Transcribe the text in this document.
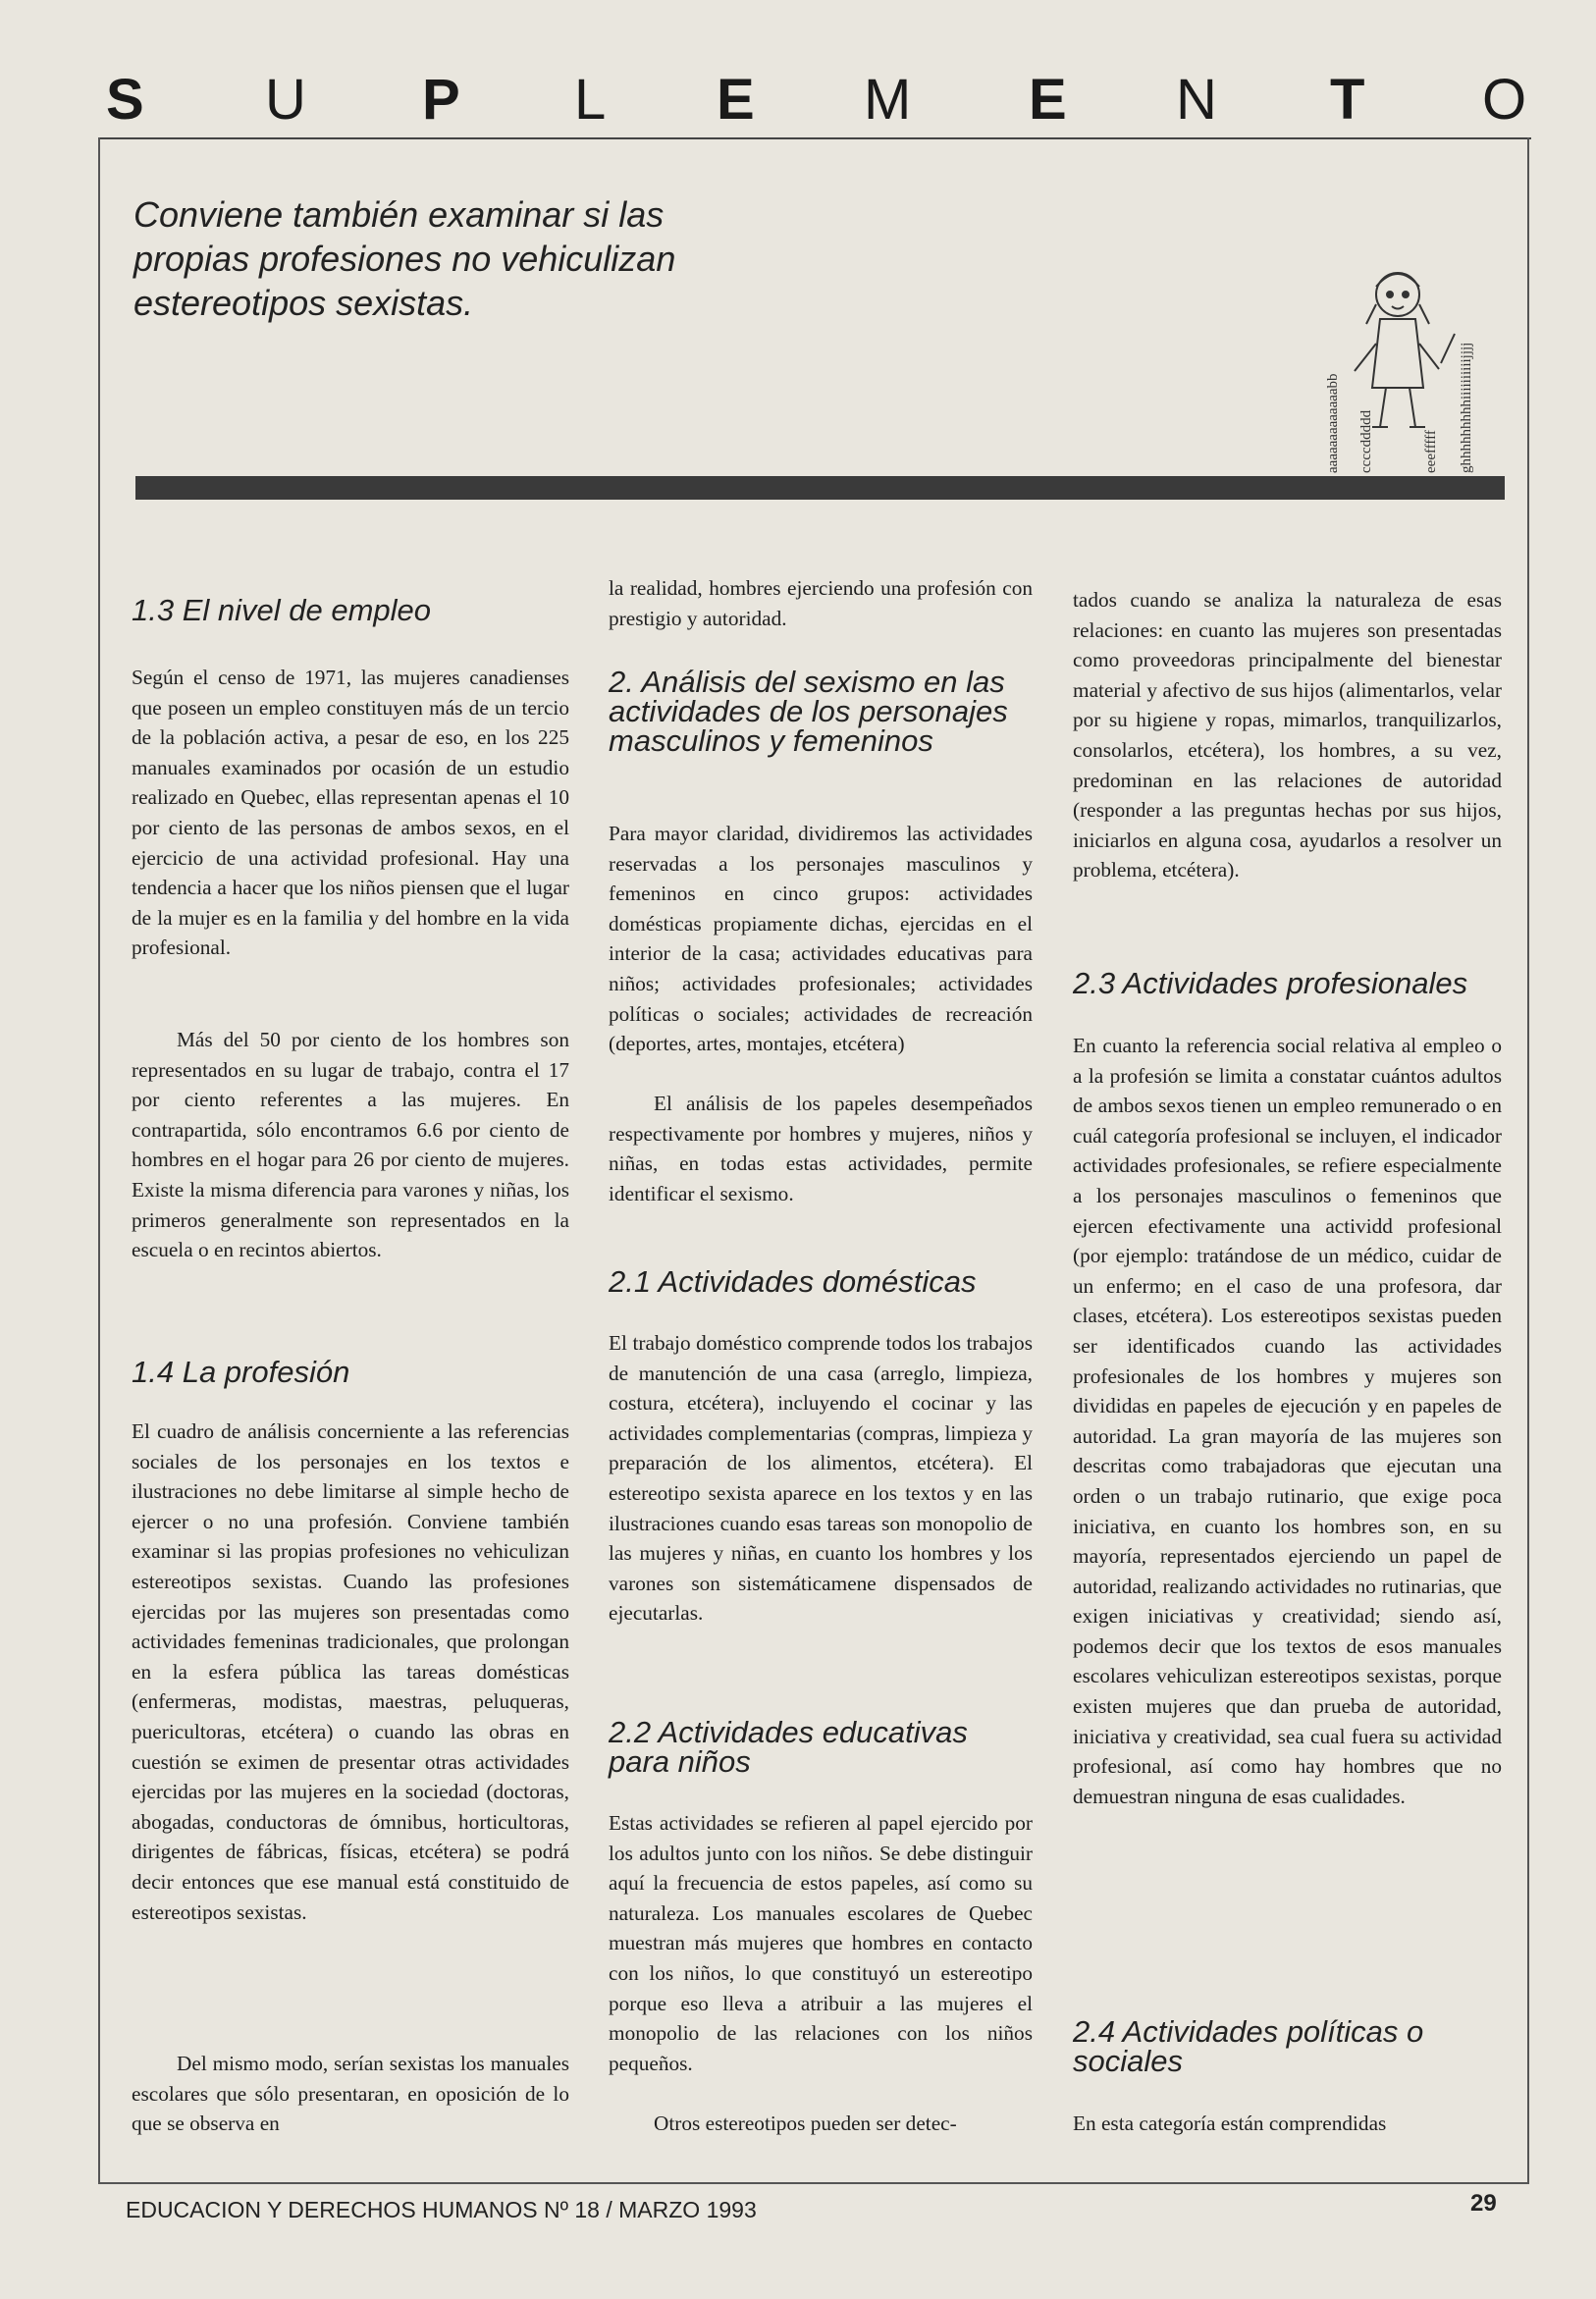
S U P L E M E N T O
Conviene también examinar si las propias profesiones no vehiculizan estereotipos sexistas.
aaaaaaaaaaaaabb ccccddddd	eeefffff ghhhhhhhhhiiiiiiiiiijjjj
1.3 El nivel de empleo

Según el censo de 1971, las mujeres canadienses que poseen un empleo constituyen más de un tercio de la población activa, a pesar de eso, en los 225 manuales examinados por ocasión de un estudio realizado en Quebec, ellas representan apenas el 10 por ciento de las personas de ambos sexos, en el ejercicio de una actividad profesional. Hay una tendencia a hacer que los niños piensen que el lugar de la mujer es en la familia y del hombre en la vida profesional.

Más del 50 por ciento de los hombres son representados en su lugar de trabajo, contra el 17 por ciento referentes a las mujeres. En contrapartida, sólo encontramos 6.6 por ciento de hombres en el hogar para 26 por ciento de mujeres. Existe la misma diferencia para varones y niñas, los primeros generalmente son representados en la escuela o en recintos abiertos.

1.4 La profesión

El cuadro de análisis concerniente a las referencias sociales de los personajes en los textos e ilustraciones no debe limitarse al simple hecho de ejercer o no una profesión. Conviene también examinar si las propias profesiones no vehiculizan estereotipos sexistas. Cuando las profesiones ejercidas por las mujeres son presentadas como actividades femeninas tradicionales, que prolongan en la esfera pública las tareas domésticas (enfermeras, modistas, maestras, peluqueras, puericultoras, etcétera) o cuando las obras en cuestión se eximen de presentar otras actividades ejercidas por las mujeres en la sociedad (doctoras, abogadas, conductoras de ómnibus, horticultoras, dirigentes de fábricas, físicas, etcétera) se podrá decir entonces que ese manual está constituido de estereotipos sexistas.

Del mismo modo, serían sexistas los manuales escolares que sólo presentaran, en oposición de lo que se observa en

la realidad, hombres ejerciendo una profesión con prestigio y autoridad.

2. Análisis del sexismo en las actividades de los personajes masculinos y femeninos

Para mayor claridad, dividiremos las actividades reservadas a los personajes masculinos y femeninos en cinco grupos: actividades domésticas propiamente dichas, ejercidas en el interior de la casa; actividades educativas para niños; actividades profesionales; actividades políticas o sociales; actividades de recreación (deportes, artes, montajes, etcétera)

El análisis de los papeles desempeñados respectivamente por hombres y mujeres, niños y niñas, en todas estas actividades, permite identificar el sexismo.

2.1 Actividades domésticas

El trabajo doméstico comprende todos los trabajos de manutención de una casa (arreglo, limpieza, costura, etcétera), incluyendo el cocinar y las actividades complementarias (compras, limpieza y preparación de los alimentos, etcétera). El estereotipo sexista aparece en los textos y en las ilustraciones cuando esas tareas son monopolio de las mujeres y niñas, en cuanto los hombres y los varones son sistemáticamene dispensados de ejecutarlas.

2.2 Actividades educativas para niños

Estas actividades se refieren al papel ejercido por los adultos junto con los niños. Se debe distinguir aquí la frecuencia de estos papeles, así como su naturaleza. Los manuales escolares de Quebec muestran más mujeres que hombres en contacto con los niños, lo que constituyó un estereotipo porque eso lleva a atribuir a las mujeres el monopolio de las relaciones con los niños pequeños.

Otros estereotipos pueden ser detec-

tados cuando se analiza la naturaleza de esas relaciones: en cuanto las mujeres son presentadas como proveedoras principalmente del bienestar material y afectivo de sus hijos (alimentarlos, velar por su higiene y ropas, mimarlos, tranquilizarlos, consolarlos, etcétera), los hombres, a su vez, predominan en las relaciones de autoridad (responder a las preguntas hechas por sus hijos, iniciarlos en alguna cosa, ayudarlos a resolver un problema, etcétera).

2.3 Actividades profesionales

En cuanto la referencia social relativa al empleo o a la profesión se limita a constatar cuántos adultos de ambos sexos tienen un empleo remunerado o en cuál categoría profesional se incluyen, el indicador actividades profesionales, se refiere especialmente a los personajes masculinos o femeninos que ejercen efectivamente una actividd profesional (por ejemplo: tratándose de un médico, cuidar de un enfermo; en el caso de una profesora, dar clases, etcétera). Los estereotipos sexistas pueden ser identificados cuando las actividades profesionales de los hombres y mujeres son divididas en papeles de ejecución y en papeles de autoridad. La gran mayoría de las mujeres son descritas como trabajadoras que ejecutan una orden o un trabajo rutinario, que exige poca iniciativa, en cuanto los hombres son, en su mayoría, representados ejerciendo un papel de autoridad, realizando actividades no rutinarias, que exigen iniciativas y creatividad; siendo así, podemos decir que los textos de esos manuales escolares vehiculizan estereotipos sexistas, porque existen mujeres que dan prueba de autoridad, iniciativa y creatividad, sea cual fuera su actividad profesional, así como hay hombres que no demuestran ninguna de esas cualidades.

2.4 Actividades políticas o sociales

En esta categoría están comprendidas

EDUCACION Y DERECHOS HUMANOS Nº 18 / MARZO 1993	29
